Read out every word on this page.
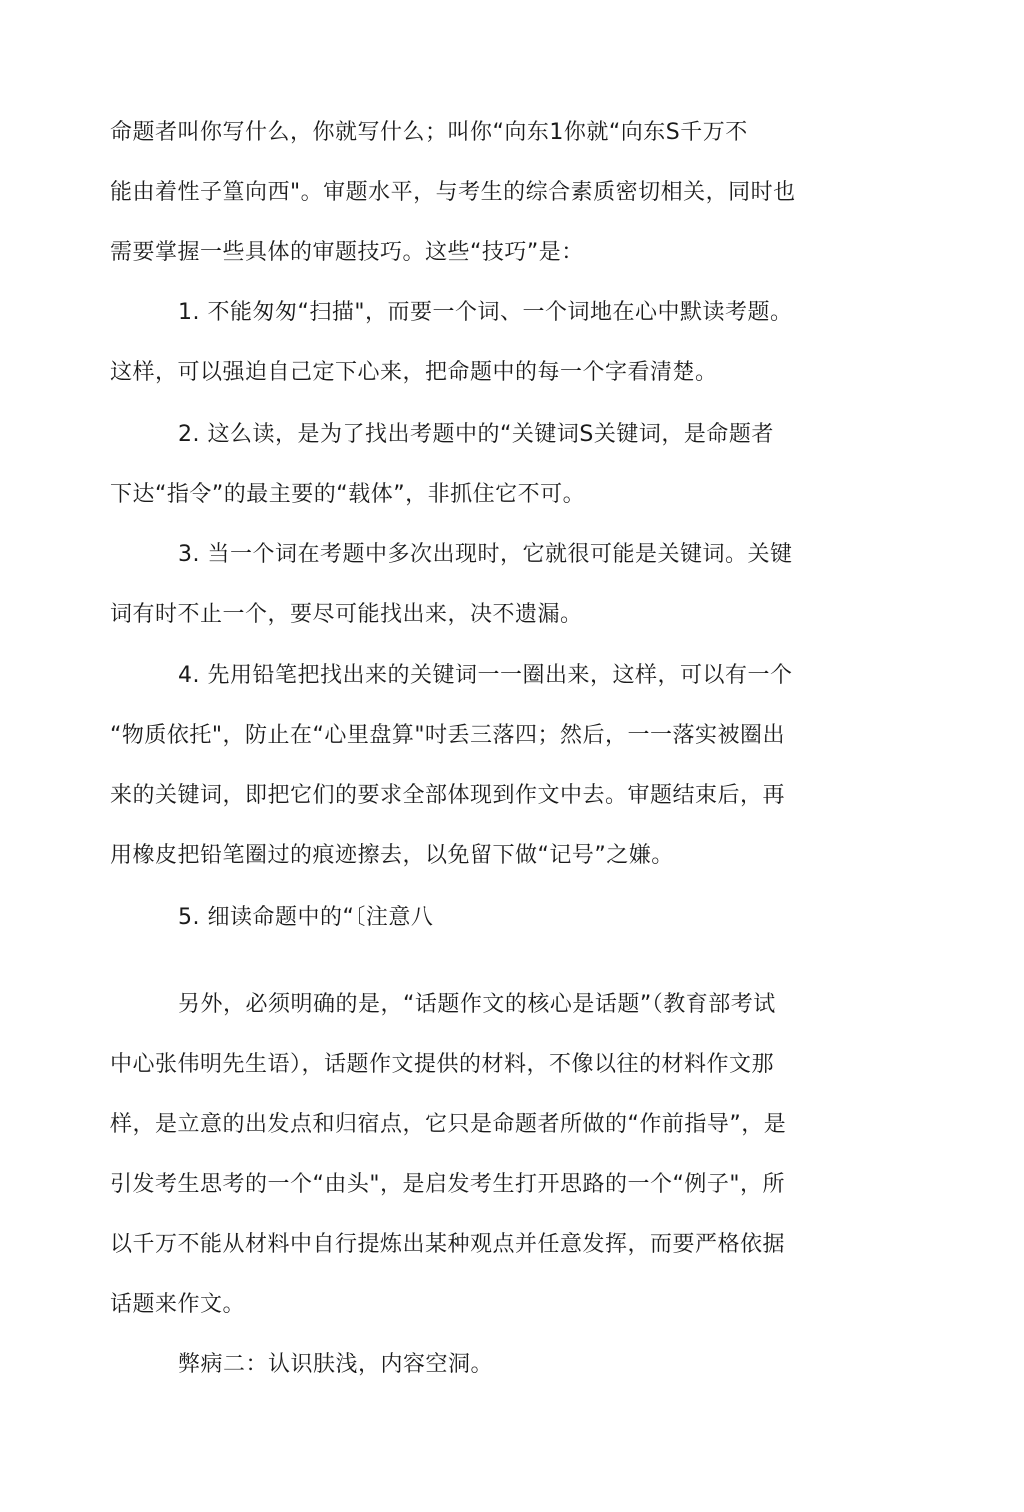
命题者叫你写什么，你就写什么；叫你“向东1你就“向东S千万不
能由着性子篁向西"。审题水平，与考生的综合素质密切相关，同时也
需要掌握一些具体的审题技巧。这些“技巧”是：
1. 不能匆匆“扫描"，而要一个词、一个词地在心中默读考题。
这样，可以强迫自己定下心来，把命题中的每一个字看清楚。
2. 这么读，是为了找出考题中的“关键词S关键词，是命题者
下达“指令”的最主要的“载体”，非抓住它不可。
3. 当一个词在考题中多次出现时，它就很可能是关键词。关键
词有时不止一个，要尽可能找出来，决不遗漏。
4. 先用铅笔把找出来的关键词一一圈出来，这样，可以有一个
“物质依托"，防止在“心里盘算"吋丢三落四；然后，一一落实被圈出
来的关键词，即把它们的要求全部体现到作文中去。审题结束后，再
用橡皮把铅笔圈过的痕迹擦去，以免留下做“记号”之嫌。
5. 细读命题中的“〔注意八
另外，必须明确的是，“话题作文的核心是话题”（教育部考试
中心张伟明先生语），话题作文提供的材料，不像以往的材料作文那
样，是立意的出发点和归宿点，它只是命题者所做的“作前指导”，是
引发考生思考的一个“由头"，是启发考生打开思路的一个“例子"，所
以千万不能从材料中自行提炼出某种观点并任意发挥，而要严格依据
话题来作文。
弊病二：认识肤浅，内容空洞。
